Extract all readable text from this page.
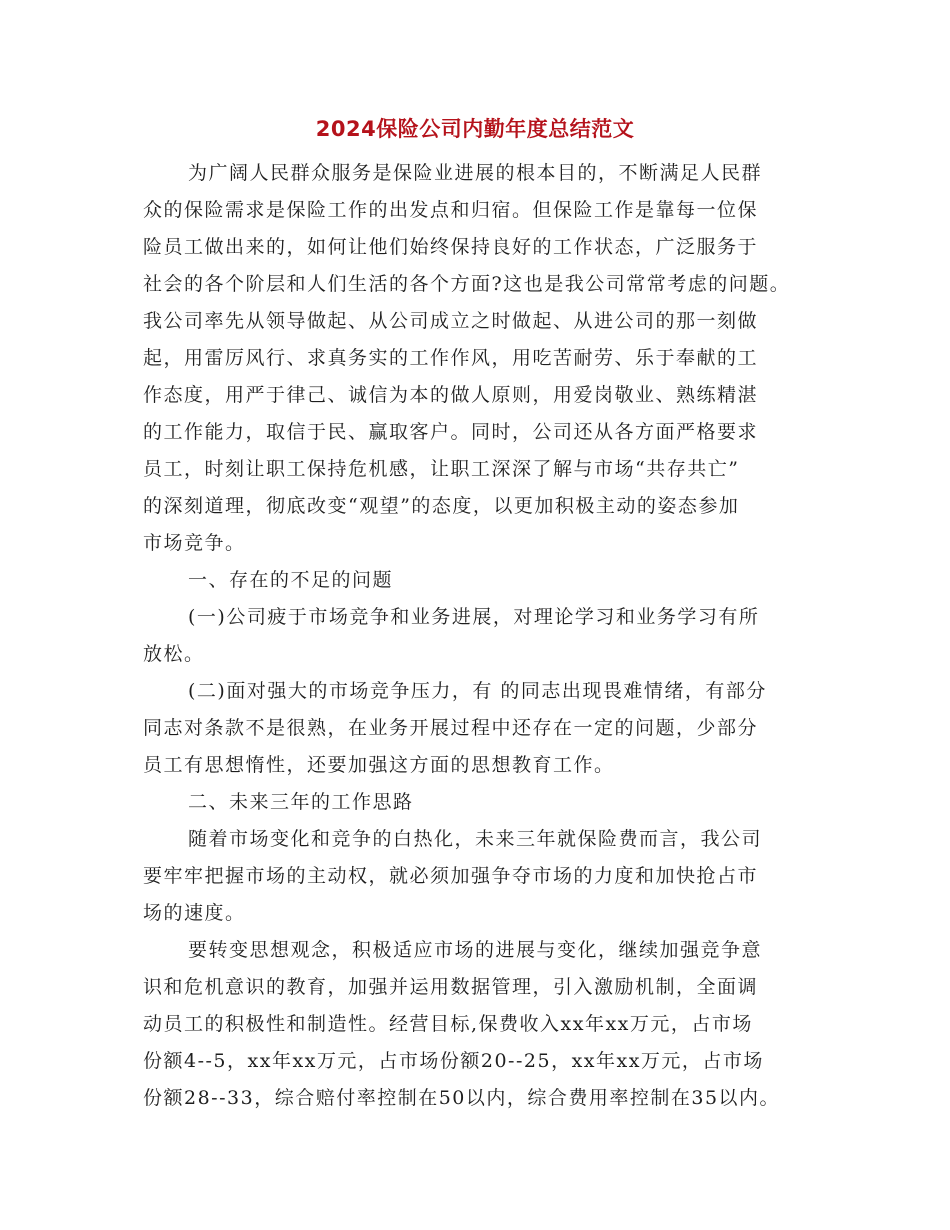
2024保险公司内勤年度总结范文
为广阔人民群众服务是保险业进展的根本目的，不断满足人民群
众的保险需求是保险工作的出发点和归宿。但保险工作是靠每一位保
险员工做出来的，如何让他们始终保持良好的工作状态，广泛服务于
社会的各个阶层和人们生活的各个方面?这也是我公司常常考虑的问题。
我公司率先从领导做起、从公司成立之时做起、从进公司的那一刻做
起，用雷厉风行、求真务实的工作作风，用吃苦耐劳、乐于奉献的工
作态度，用严于律己、诚信为本的做人原则，用爱岗敬业、熟练精湛
的工作能力，取信于民、赢取客户。同时，公司还从各方面严格要求
员工，时刻让职工保持危机感，让职工深深了解与市场“共存共亡”
的深刻道理，彻底改变“观望”的态度，以更加积极主动的姿态参加
市场竞争。
一、存在的不足的问题
(一)公司疲于市场竞争和业务进展，对理论学习和业务学习有所
放松。
(二)面对强大的市场竞争压力，有 的同志出现畏难情绪，有部分
同志对条款不是很熟，在业务开展过程中还存在一定的问题，少部分
员工有思想惰性，还要加强这方面的思想教育工作。
二、未来三年的工作思路
随着市场变化和竞争的白热化，未来三年就保险费而言，我公司
要牢牢把握市场的主动权，就必须加强争夺市场的力度和加快抢占市
场的速度。
要转变思想观念，积极适应市场的进展与变化，继续加强竞争意
识和危机意识的教育，加强并运用数据管理，引入激励机制，全面调
动员工的积极性和制造性。经营目标,保费收入xx年xx万元，占市场
份额4--5，xx年xx万元，占市场份额20--25，xx年xx万元，占市场
份额28--33，综合赔付率控制在50以内，综合费用率控制在35以内。
